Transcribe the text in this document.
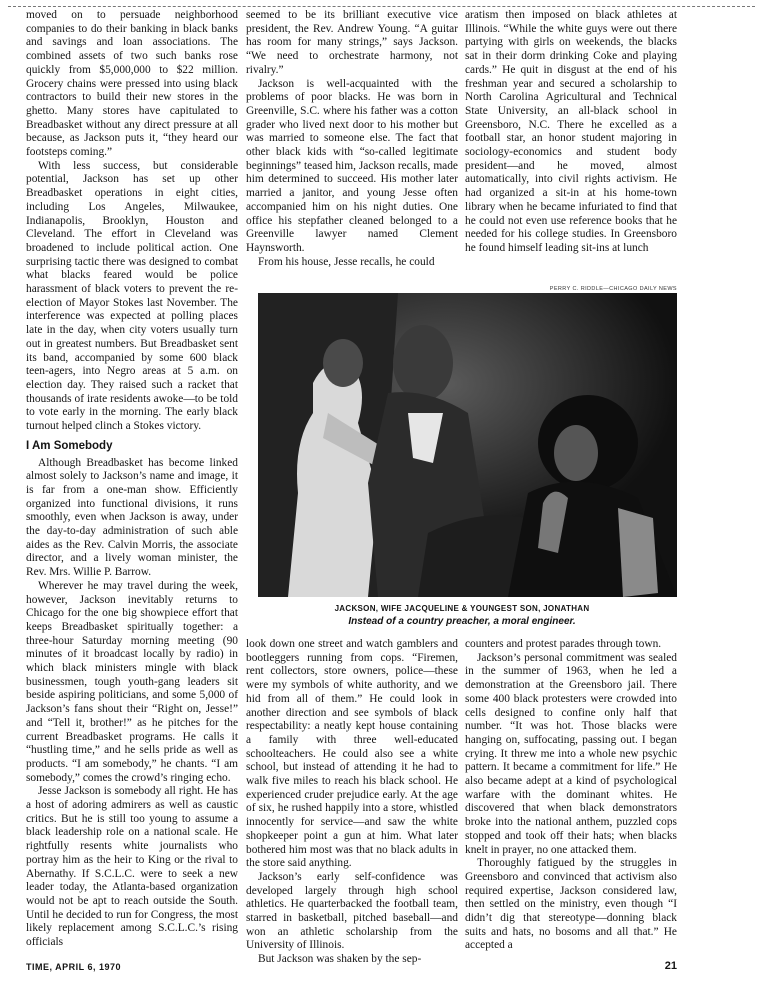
moved on to persuade neighborhood companies to do their banking in black banks and savings and loan associations. The combined assets of two such banks rose quickly from $5,000,000 to $22 million. Grocery chains were pressed into using black contractors to build their new stores in the ghetto. Many stores have capitulated to Breadbasket without any direct pressure at all because, as Jackson puts it, “they heard our footsteps coming.”

With less success, but considerable potential, Jackson has set up other Breadbasket operations in eight cities, including Los Angeles, Milwaukee, Indianapolis, Brooklyn, Houston and Cleveland. The effort in Cleveland was broadened to include political action. One surprising tactic there was designed to combat what blacks feared would be police harassment of black voters to prevent the re-election of Mayor Stokes last November. The interference was expected at polling places late in the day, when city voters usually turn out in greatest numbers. But Breadbasket sent its band, accompanied by some 600 black teen-agers, into Negro areas at 5 a.m. on election day. They raised such a racket that thousands of irate residents awoke—to be told to vote early in the morning. The early black turnout helped clinch a Stokes victory.

I Am Somebody

Although Breadbasket has become linked almost solely to Jackson’s name and image, it is far from a one-man show. Efficiently organized into functional divisions, it runs smoothly, even when Jackson is away, under the day-to-day administration of such able aides as the Rev. Calvin Morris, the associate director, and a lively woman minister, the Rev. Mrs. Willie P. Barrow.

Wherever he may travel during the week, however, Jackson inevitably returns to Chicago for the one big showpiece effort that keeps Breadbasket spiritually together: a three-hour Saturday morning meeting (90 minutes of it broadcast locally by radio) in which black ministers mingle with black businessmen, tough youth-gang leaders sit beside aspiring politicians, and some 5,000 of Jackson’s fans shout their “Right on, Jesse!” and “Tell it, brother!” as he pitches for the current Breadbasket programs. He calls it “hustling time,” and he sells pride as well as products. “I am somebody,” he chants. “I am somebody,” comes the crowd’s ringing echo.

Jesse Jackson is somebody all right. He has a host of adoring admirers as well as caustic critics. But he is still too young to assume a black leadership role on a national scale. He rightfully resents white journalists who portray him as the heir to King or the rival to Abernathy. If S.C.L.C. were to seek a new leader today, the Atlanta-based organization would not be apt to reach outside the South. Until he decided to run for Congress, the most likely replacement among S.C.L.C.’s rising officials

seemed to be its brilliant executive vice president, the Rev. Andrew Young. “A guitar has room for many strings,” says Jackson. “We need to orchestrate harmony, not rivalry.”

Jackson is well-acquainted with the problems of poor blacks. He was born in Greenville, S.C. where his father was a cotton grader who lived next door to his mother but was married to someone else. The fact that other black kids with “so-called legitimate beginnings” teased him, Jackson recalls, made him determined to succeed. His mother later married a janitor, and young Jesse often accompanied him on his night duties. One office his stepfather cleaned belonged to a Greenville lawyer named Clement Haynsworth.

From his house, Jesse recalls, he could

aratism then imposed on black athletes at Illinois. “While the white guys were out there partying with girls on weekends, the blacks sat in their dorm drinking Coke and playing cards.” He quit in disgust at the end of his freshman year and secured a scholarship to North Carolina Agricultural and Technical State University, an all-black school in Greensboro, N.C. There he excelled as a football star, an honor student majoring in sociology-economics and student body president—and he moved, almost automatically, into civil rights activism. He had organized a sit-in at his home-town library when he became infuriated to find that he could not even use reference books that he needed for his college studies. In Greensboro he found himself leading sit-ins at lunch

PERRY C. RIDDLE—CHICAGO DAILY NEWS
JACKSON, WIFE JACQUELINE & YOUNGEST SON, JONATHAN
Instead of a country preacher, a moral engineer.

look down one street and watch gamblers and bootleggers running from cops. “Firemen, rent collectors, store owners, police—these were my symbols of white authority, and we hid from all of them.” He could look in another direction and see symbols of black respectability: a neatly kept house containing a family with three well-educated schoolteachers. He could also see a white school, but instead of attending it he had to walk five miles to reach his black school. He experienced cruder prejudice early. At the age of six, he rushed happily into a store, whistled innocently for service—and saw the white shopkeeper point a gun at him. What later bothered him most was that no black adults in the store said anything.

Jackson’s early self-confidence was developed largely through high school athletics. He quarterbacked the football team, starred in basketball, pitched baseball—and won an athletic scholarship from the University of Illinois.

But Jackson was shaken by the sep-

counters and protest parades through town.

Jackson’s personal commitment was sealed in the summer of 1963, when he led a demonstration at the Greensboro jail. There some 400 black protesters were crowded into cells designed to confine only half that number. “It was hot. Those blacks were hanging on, suffocating, passing out. I began crying. It threw me into a whole new psychic pattern. It became a commitment for life.” He also became adept at a kind of psychological warfare with the dominant whites. He discovered that when black demonstrators broke into the national anthem, puzzled cops stopped and took off their hats; when blacks knelt in prayer, no one attacked them.

Thoroughly fatigued by the struggles in Greensboro and convinced that activism also required expertise, Jackson considered law, then settled on the ministry, even though “I didn’t dig that stereotype—donning black suits and hats, no bosoms and all that.” He accepted a

TIME, APRIL 6, 1970	21
